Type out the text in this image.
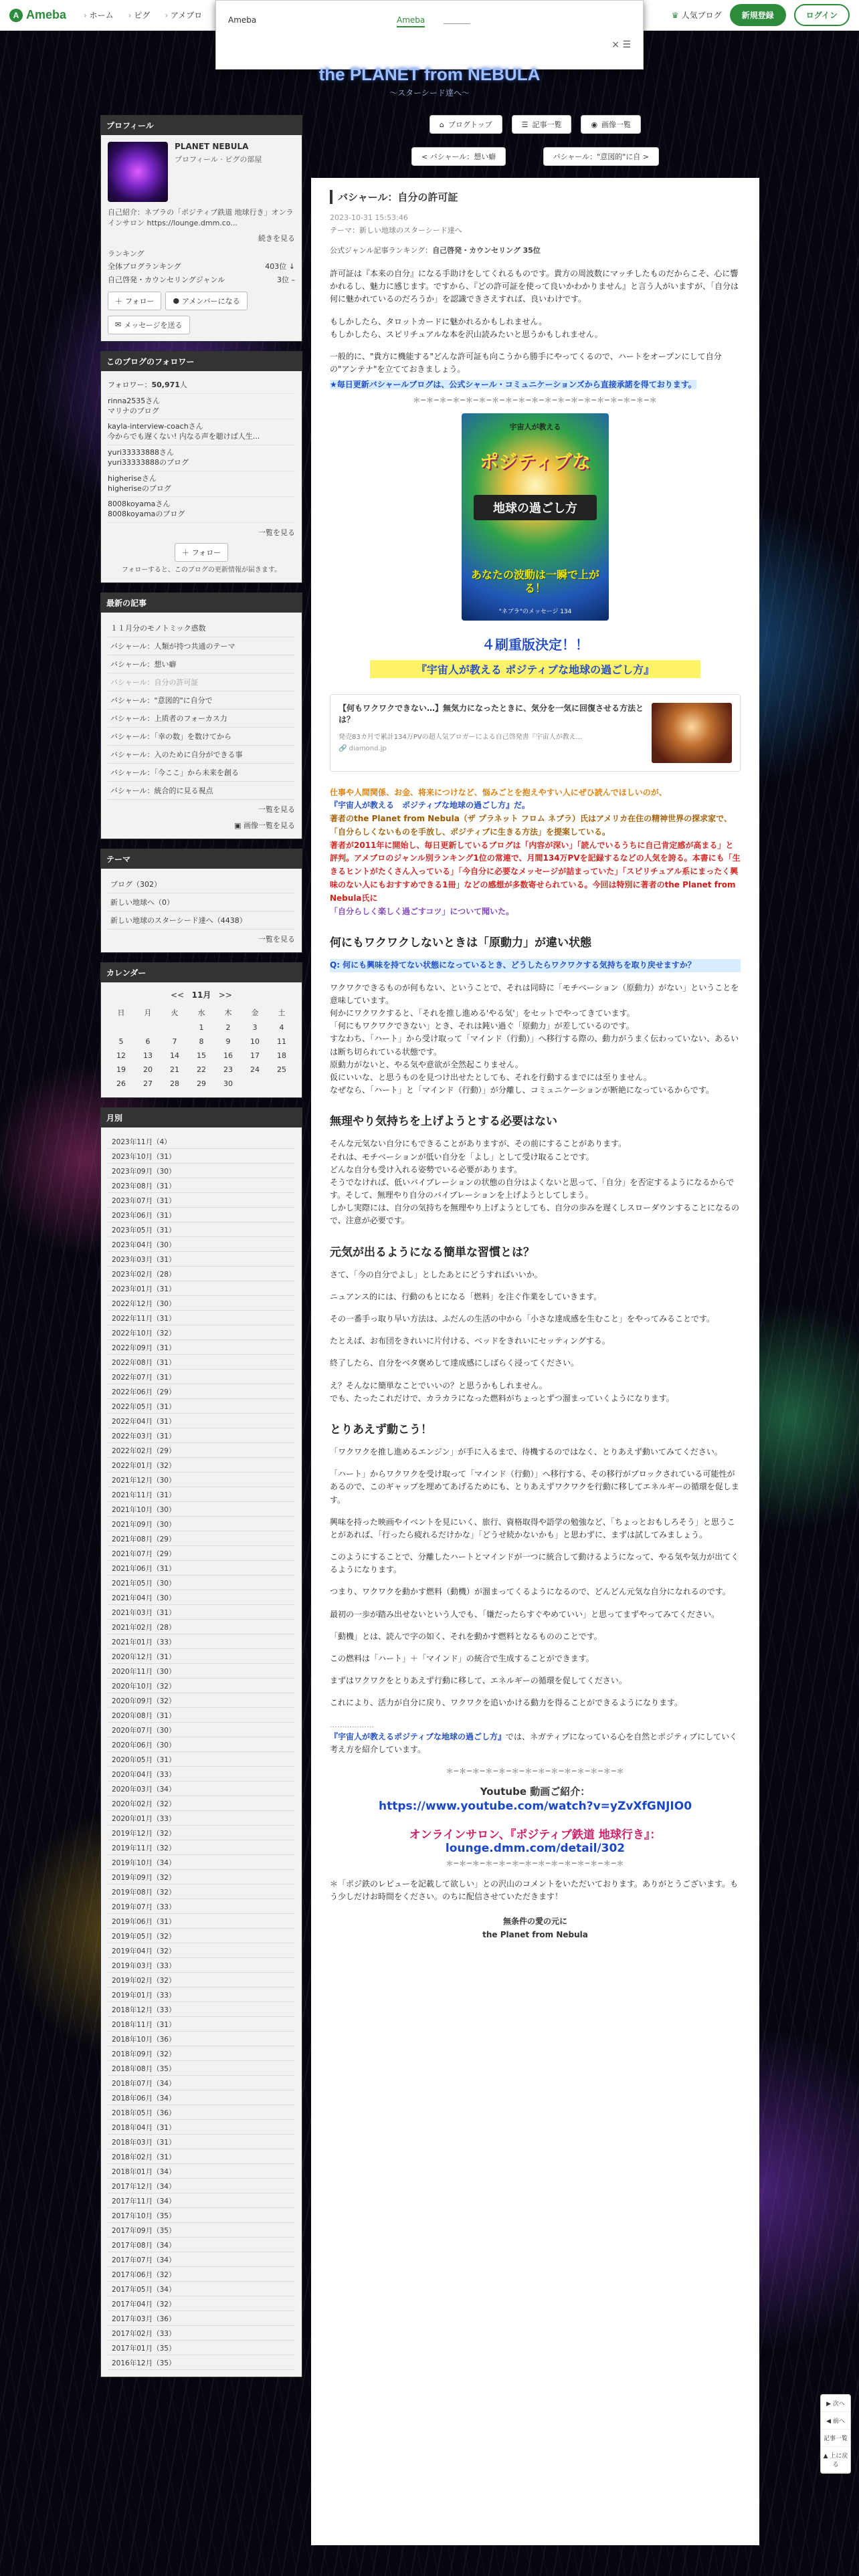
A Ameba	› ホーム	› ピグ	› アメブロ	♛ 人気ブログ	新規登録	ログイン
Ameba	Ameba
× ☰
the PLANET from NEBULA
～スターシード達へ～
プロフィール
PLANET NEBULA
プロフィール · ピグの部屋
自己紹介：ネブラの「ポジティブ鉄道 地球行き」オンラインサロン https://lounge.dmm.co...
続きを見る
ランキング
全体ブログランキング	403位 ↓
自己啓発・カウンセリングジャンル	3位 –
＋ フォロー	● アメンバーになる
✉ メッセージを送る
このブログのフォロワー
フォロワー：50,971人
rinna2535さん
マリナのブログ
kayla-interview-coachさん
今からでも遅くない! 内なる声を聴けば人生...
yuri33333888さん
yuri33333888のブログ
higheriseさん
higheriseのブログ
8008koyamaさん
8008koyamaのブログ
一覧を見る
＋ フォロー
フォローすると、このブログの更新情報が届きます。
最新の記事
１１月分のモノトミック惑数
バシャール：人類が持つ共通のテーマ
バシャール：想い癖
バシャール：自分の許可証
バシャール："意図的"に自分で
バシャール：上质者のフォーカス力
バシャール：「幸の数」を数けてから
バシャール：入のために自分ができる事
バシャール：「今ここ」から未来を創る
バシャール：統合的に見る視点
一覧を見る
▣ 画像一覧を見る
テーマ
ブログ（302）
新しい地球へ（0）
新しい地球のスターシード達へ（4438）
一覧を見る
カレンダー
<< 11月 >>
日	月	火	水	木	金	土
			1	2	3	4
5	6	7	8	9	10	11
12	13	14	15	16	17	18
19	20	21	22	23	24	25
26	27	28	29	30		
月別
2023年11月（4）
2023年10月（31）
2023年09月（30）
2023年08月（31）
2023年07月（31）
2023年06月（31）
2023年05月（31）
2023年04月（30）
2023年03月（31）
2023年02月（28）
2023年01月（31）
2022年12月（30）
2022年11月（31）
2022年10月（32）
2022年09月（31）
2022年08月（31）
2022年07月（31）
2022年06月（29）
2022年05月（31）
2022年04月（31）
2022年03月（31）
2022年02月（29）
2022年01月（32）
2021年12月（30）
2021年11月（31）
2021年10月（30）
2021年09月（30）
2021年08月（29）
2021年07月（29）
2021年06月（31）
2021年05月（30）
2021年04月（30）
2021年03月（31）
2021年02月（28）
2021年01月（33）
2020年12月（31）
2020年11月（30）
2020年10月（32）
2020年09月（32）
2020年08月（31）
2020年07月（30）
2020年06月（30）
2020年05月（31）
2020年04月（33）
2020年03月（34）
2020年02月（32）
2020年01月（33）
2019年12月（32）
2019年11月（32）
2019年10月（34）
2019年09月（32）
2019年08月（32）
2019年07月（33）
2019年06月（31）
2019年05月（32）
2019年04月（32）
2019年03月（33）
2019年02月（32）
2019年01月（33）
2018年12月（33）
2018年11月（31）
2018年10月（36）
2018年09月（32）
2018年08月（35）
2018年07月（34）
2018年06月（34）
2018年05月（36）
2018年04月（31）
2018年03月（31）
2018年02月（31）
2018年01月（34）
2017年12月（34）
2017年11月（34）
2017年10月（35）
2017年09月（35）
2017年08月（34）
2017年07月（34）
2017年06月（32）
2017年05月（34）
2017年04月（32）
2017年03月（36）
2017年02月（33）
2017年01月（35）
2016年12月（35）
⌂ ブログトップ	☰ 記事一覧	◉ 画像一覧
< バシャール：想い癖	バシャール："意図的"に自 >
バシャール：自分の許可証
2023-10-31 15:53:46
テーマ：新しい地球のスターシード達へ
公式ジャンル記事ランキング：自己啓発・カウンセリング 35位

許可証は『本来の自分』になる手助けをしてくれるものです。貴方の周波数にマッチしたものだからこそ、心に響かれるし、魅力に感じます。ですから、『どの許可証を使って良いかわかりません』と言う人がいますが、「自分は何に魅かれているのだろうか」を認識できさえすれば、良いわけです。

もしかしたら、タロットカードに魅かれるかもしれません。
もしかしたら、スピリチュアルな本を沢山読みたいと思うかもしれません。

一般的に、"貴方に機能する"どんな許可証も向こうから勝手にやってくるので、ハートをオープンにして自分の"アンテナ"を立てておきましょう。

★毎日更新バシャールブログは、公式シャール・コミュニケーションズから直接承諾を得ております。

＊─＊─＊─＊─＊─＊─＊─＊─＊─＊─＊─＊─＊─＊─＊─＊─＊─＊─＊
宇宙人が教える
ポジティブな
地球の過ごし方
あなたの波動は一瞬で上がる！
"ネブラ"のメッセージ 134
４刷重版決定！！
『宇宙人が教える ポジティブな地球の過ごし方』
【何もワクワクできない…】無気力になったときに、気分を一気に回復させる方法とは？
発売83カ月で累計134万PVの超人気ブロガーによる自己啓発書『宇宙人が教え...
🔗 diamond.jp
仕事や人間関係、お金、将来につけなど、悩みごとを抱えやすい人にぜひ読んでほしいのが、
『宇宙人が教える　ポジティブな地球の過ごし方』だ。
著者のthe Planet from Nebula（ザ プラネット フロム ネブラ）氏はアメリカ在住の精神世界の探求家で、「自分らしくないものを手放し、ポジティブに生きる方法」を提案している。
著者が2011年に開始し、毎日更新しているブログは「内容が深い」「読んでいるうちに自己肯定感が高まる」と評判。アメブロのジャンル別ランキング1位の常連で、月間134万PVを記録するなどの人気を誇る。本書にも「生きるヒントがたくさん入っている」「今自分に必要なメッセージが詰まっていた」「スピリチュアル系にまったく興味のない人にもおすすめできる1冊」などの感想が多数寄せられている。今回は特別に著者のthe Planet from Nebula氏に
「自分らしく楽しく過ごすコツ」について聞いた。
何にもワクワクしないときは「原動力」が違い状態
Q: 何にも興味を持てない状態になっているとき、どうしたらワクワクする気持ちを取り戻せますか？

ワクワクできるものが何もない、ということで、それは同時に「モチベーション（原動力）がない」ということを意味しています。
何かにワクワクすると、「それを推し進める'やる気'」をセットでやってきています。
「何にもワクワクできない」とき、それは鈍い過ぐ「原動力」が差しているのです。
すなわち、「ハート」から受け取って「マインド（行動）」へ移行する際の、動力がうまく伝わっていない、あるいは断ち切られている状態です。
原動力がないと、やる気や意欲が全然起こりません。
仮にいいな、と思うものを見つけ出せたとしても、それを行動するまでには至りません。
なぜなら、「ハート」と「マインド（行動）」が分離し、コミュニケーションが断絶になっているからです。

無理やり気持ちを上げようとする必要はない

そんな元気ない自分にもできることがありますが、その前にすることがあります。
それは、モチベーションが低い自分を「よし」として受け取ることです。
どんな自分も受け入れる姿勢でいる必要があります。
そうでなければ、低いバイブレーションの状態の自分はよくないと思って、「自分」を否定するようになるからです。そして、無理やり自分のバイブレーションを上げようとしてしまう。
しかし実際には、自分の気持ちを無理やり上げようとしても、自分の歩みを遅くしスローダウンすることになるので、注意が必要です。

元気が出るようになる簡単な習慣とは？

さて、「今の自分でよし」としたあとにどうすればいいか。

ニュアンス的には、行動のもとになる「燃料」を注ぐ作業をしていきます。

その一番手っ取り早い方法は、ふだんの生活の中から「小さな達成感を生むこと」をやってみることです。

たとえば、お布団をきれいに片付ける、ベッドをきれいにセッティングする。

終了したら、自分をベタ褒めして達成感にしばらく浸ってください。

え？そんなに簡単なことでいいの？と思うかもしれません。
でも、たったこれだけで、カラカラになった燃料がちょっとずつ溜まっていくようになります。

とりあえず動こう！

「ワクワクを推し進めるエンジン」が手に入るまで、待機するのではなく、とりあえず動いてみてください。

「ハート」からワクワクを受け取って「マインド（行動）」へ移行する、その移行がブロックされている可能性があるので、このギャップを埋めてあげるためにも、とりあえずワクワクを行動に移してエネルギーの循環を促します。

興味を持った映画やイベントを見にいく、旅行、資格取得や語学の勉強など、「ちょっとおもしろそう」と思うことがあれば、「行ったら疲れるだけかな」「どうせ続かないかも」と思わずに、まずは試してみましょう。

このようにすることで、分離したハートとマインドが一つに統合して動けるようになって、やる気や気力が出てくるようになります。

つまり、ワクワクを動かす燃料（動機）が溜まってくるようになるので、どんどん元気な自分になれるのです。

最初の一歩が踏み出せないという人でも、「嫌だったらすぐやめていい」と思ってまずやってみてください。

「動機」とは、読んで字の如く、それを動かす燃料となるもののことです。

この燃料は「ハート」＋「マインド」の統合で生成することができます。

まずはワクワクをとりあえず行動に移して、エネルギーの循環を促してください。

これにより、活力が自分に戻り、ワクワクを追いかける動力を得ることができるようになります。

………………

『宇宙人が教えるポジティブな地球の過ごし方』では、ネガティブになっている心を自然とポジティブにしていく考え方を紹介しています。

＊─＊─＊─＊─＊─＊─＊─＊─＊─＊─＊─＊─＊─＊
Youtube 動画ご紹介：
https://www.youtube.com/watch?v=yZvXfGNJIO0
オンラインサロン、『ポジティブ鉄道 地球行き』：
lounge.dmm.com/detail/302
＊─＊─＊─＊─＊─＊─＊─＊─＊─＊─＊─＊─＊─＊

＊「ポジ鉄のレビューを記載して欲しい」との沢山のコメントをいただいております。ありがとうございます。もう少しだけお時間をください。のちに配信させていただきます！

無条件の愛の元に
the Planet from Nebula
▶ 次へ
◀ 前へ
記事一覧
▲ 上に戻る
